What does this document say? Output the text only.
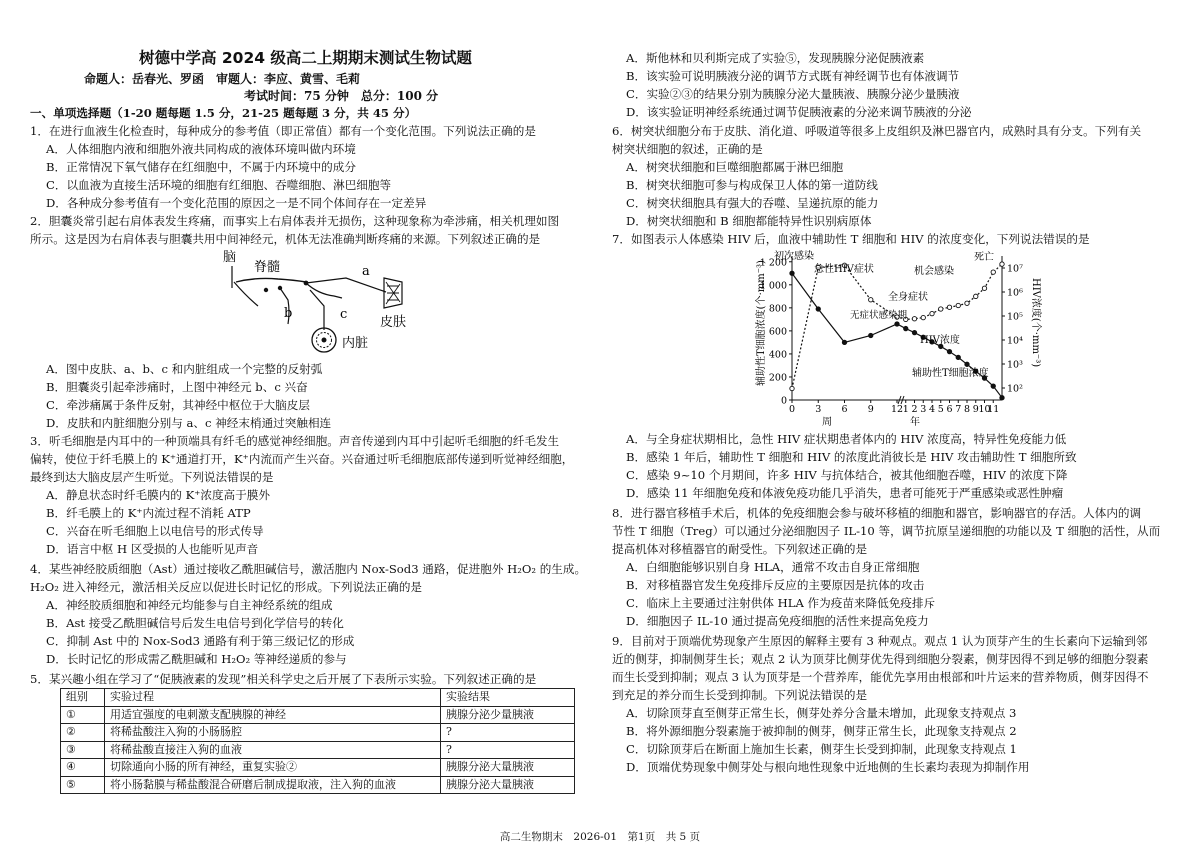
树德中学高 2024 级高二上期期末测试生物试题
命题人：岳春光、罗函　审题人：李应、黄雪、毛莉
考试时间：75 分钟　总分：100 分
一、单项选择题（1-20 题每题 1.5 分，21-25 题每题 3 分，共 45 分）
1．在进行血液生化检查时，每种成分的参考值（即正常值）都有一个变化范围。下列说法正确的是
A．人体细胞内液和细胞外液共同构成的液体环境叫做内环境
B．正常情况下氧气储存在红细胞中，不属于内环境中的成分
C．以血液为直接生活环境的细胞有红细胞、吞噬细胞、淋巴细胞等
D．各种成分参考值有一个变化范围的原因之一是不同个体间存在一定差异
2．胆囊炎常引起右肩体表发生疼痛，而事实上右肩体表并无损伤，这种现象称为牵涉痛，相关机理如图
所示。这是因为右肩体表与胆囊共用中间神经元，机体无法准确判断疼痛的来源。下列叙述正确的是
脑
脊髓	a
b	c
皮肤
内脏
A．图中皮肤、a、b、c 和内脏组成一个完整的反射弧
B．胆囊炎引起牵涉痛时，上图中神经元 b、c 兴奋
C．牵涉痛属于条件反射，其神经中枢位于大脑皮层
D．皮肤和内脏细胞分别与 a、c 神经末梢通过突触相连
3．听毛细胞是内耳中的一种顶端具有纤毛的感觉神经细胞。声音传递到内耳中引起听毛细胞的纤毛发生
偏转，使位于纤毛膜上的 K⁺通道打开，K⁺内流而产生兴奋。兴奋通过听毛细胞底部传递到听觉神经细胞，
最终到达大脑皮层产生听觉。下列说法错误的是
A．静息状态时纤毛膜内的 K⁺浓度高于膜外
B．纤毛膜上的 K⁺内流过程不消耗 ATP
C．兴奋在听毛细胞上以电信号的形式传导
D．语言中枢 H 区受损的人也能听见声音
4．某些神经胶质细胞（Ast）通过接收乙酰胆碱信号，激活胞内 Nox-Sod3 通路，促进胞外 H₂O₂ 的生成。
H₂O₂ 进入神经元，激活相关反应以促进长时记忆的形成。下列说法正确的是
A．神经胶质细胞和神经元均能参与自主神经系统的组成
B．Ast 接受乙酰胆碱信号后发生电信号到化学信号的转化
C．抑制 Ast 中的 Nox-Sod3 通路有利于第三级记忆的形成
D．长时记忆的形成需乙酰胆碱和 H₂O₂ 等神经递质的参与
5．某兴趣小组在学习了“促胰液素的发现”相关科学史之后开展了下表所示实验。下列叙述正确的是
组别	实验过程	实验结果
①	用适宜强度的电刺激支配胰腺的神经	胰腺分泌少量胰液
②	将稀盐酸注入狗的小肠肠腔	?
③	将稀盐酸直接注入狗的血液	?
④	切除通向小肠的所有神经，重复实验②	胰腺分泌大量胰液
⑤	将小肠黏膜与稀盐酸混合研磨后制成提取液，注入狗的血液	胰腺分泌大量胰液
A．斯他林和贝利斯完成了实验⑤，发现胰腺分泌促胰液素
B．该实验可说明胰液分泌的调节方式既有神经调节也有体液调节
C．实验②③的结果分别为胰腺分泌大量胰液、胰腺分泌少量胰液
D．该实验证明神经系统通过调节促胰液素的分泌来调节胰液的分泌
6．树突状细胞分布于皮肤、消化道、呼吸道等很多上皮组织及淋巴器官内，成熟时具有分支。下列有关
树突状细胞的叙述，正确的是
A．树突状细胞和巨噬细胞都属于淋巴细胞
B．树突状细胞可参与构成保卫人体的第一道防线
C．树突状细胞具有强大的吞噬、呈递抗原的能力
D．树突状细胞和 B 细胞都能特异性识别病原体
7．如图表示人体感染 HIV 后，血液中辅助性 T 细胞和 HIV 的浓度变化，下列说法错误的是
0
200
400
600
800
1 000
1 200
10⁷
10⁶
10⁵
10⁴
10³
10²
0 3 6 9 12 1 2 3 4 5 6 7 8 9 10
11
辅助性T细胞浓度(个·mm⁻³)	HIV浓度(个·mm⁻³)
周	年
初次感染
急性HIV症状	机会感染
死亡
全身症状
无症状感染期
HIV浓度
辅助性T细胞浓度
A．与全身症状期相比，急性 HIV 症状期患者体内的 HIV 浓度高，特异性免疫能力低
B．感染 1 年后，辅助性 T 细胞和 HIV 的浓度此消彼长是 HIV 攻击辅助性 T 细胞所致
C．感染 9~10 个月期间，许多 HIV 与抗体结合，被其他细胞吞噬，HIV 的浓度下降
D．感染 11 年细胞免疫和体液免疫功能几乎消失，患者可能死于严重感染或恶性肿瘤
8．进行器官移植手术后，机体的免疫细胞会参与破坏移植的细胞和器官，影响器官的存活。人体内的调
节性 T 细胞（Treg）可以通过分泌细胞因子 IL-10 等，调节抗原呈递细胞的功能以及 T 细胞的活性，从而
提高机体对移植器官的耐受性。下列叙述正确的是
A．白细胞能够识别自身 HLA，通常不攻击自身正常细胞
B．对移植器官发生免疫排斥反应的主要原因是抗体的攻击
C．临床上主要通过注射供体 HLA 作为疫苗来降低免疫排斥
D．细胞因子 IL-10 通过提高免疫细胞的活性来提高免疫力
9．目前对于顶端优势现象产生原因的解释主要有 3 种观点。观点 1 认为顶芽产生的生长素向下运输到邻
近的侧芽，抑制侧芽生长；观点 2 认为顶芽比侧芽优先得到细胞分裂素，侧芽因得不到足够的细胞分裂素
而生长受到抑制；观点 3 认为顶芽是一个营养库，能优先享用由根部和叶片运来的营养物质，侧芽因得不
到充足的养分而生长受到抑制。下列说法错误的是
A．切除顶芽直至侧芽正常生长，侧芽处养分含量未增加，此现象支持观点 3
B．将外源细胞分裂素施于被抑制的侧芽，侧芽正常生长，此现象支持观点 2
C．切除顶芽后在断面上施加生长素，侧芽生长受到抑制，此现象支持观点 1
D．顶端优势现象中侧芽处与根向地性现象中近地侧的生长素均表现为抑制作用
高二生物期末　2026-01　第1页　共 5 页
